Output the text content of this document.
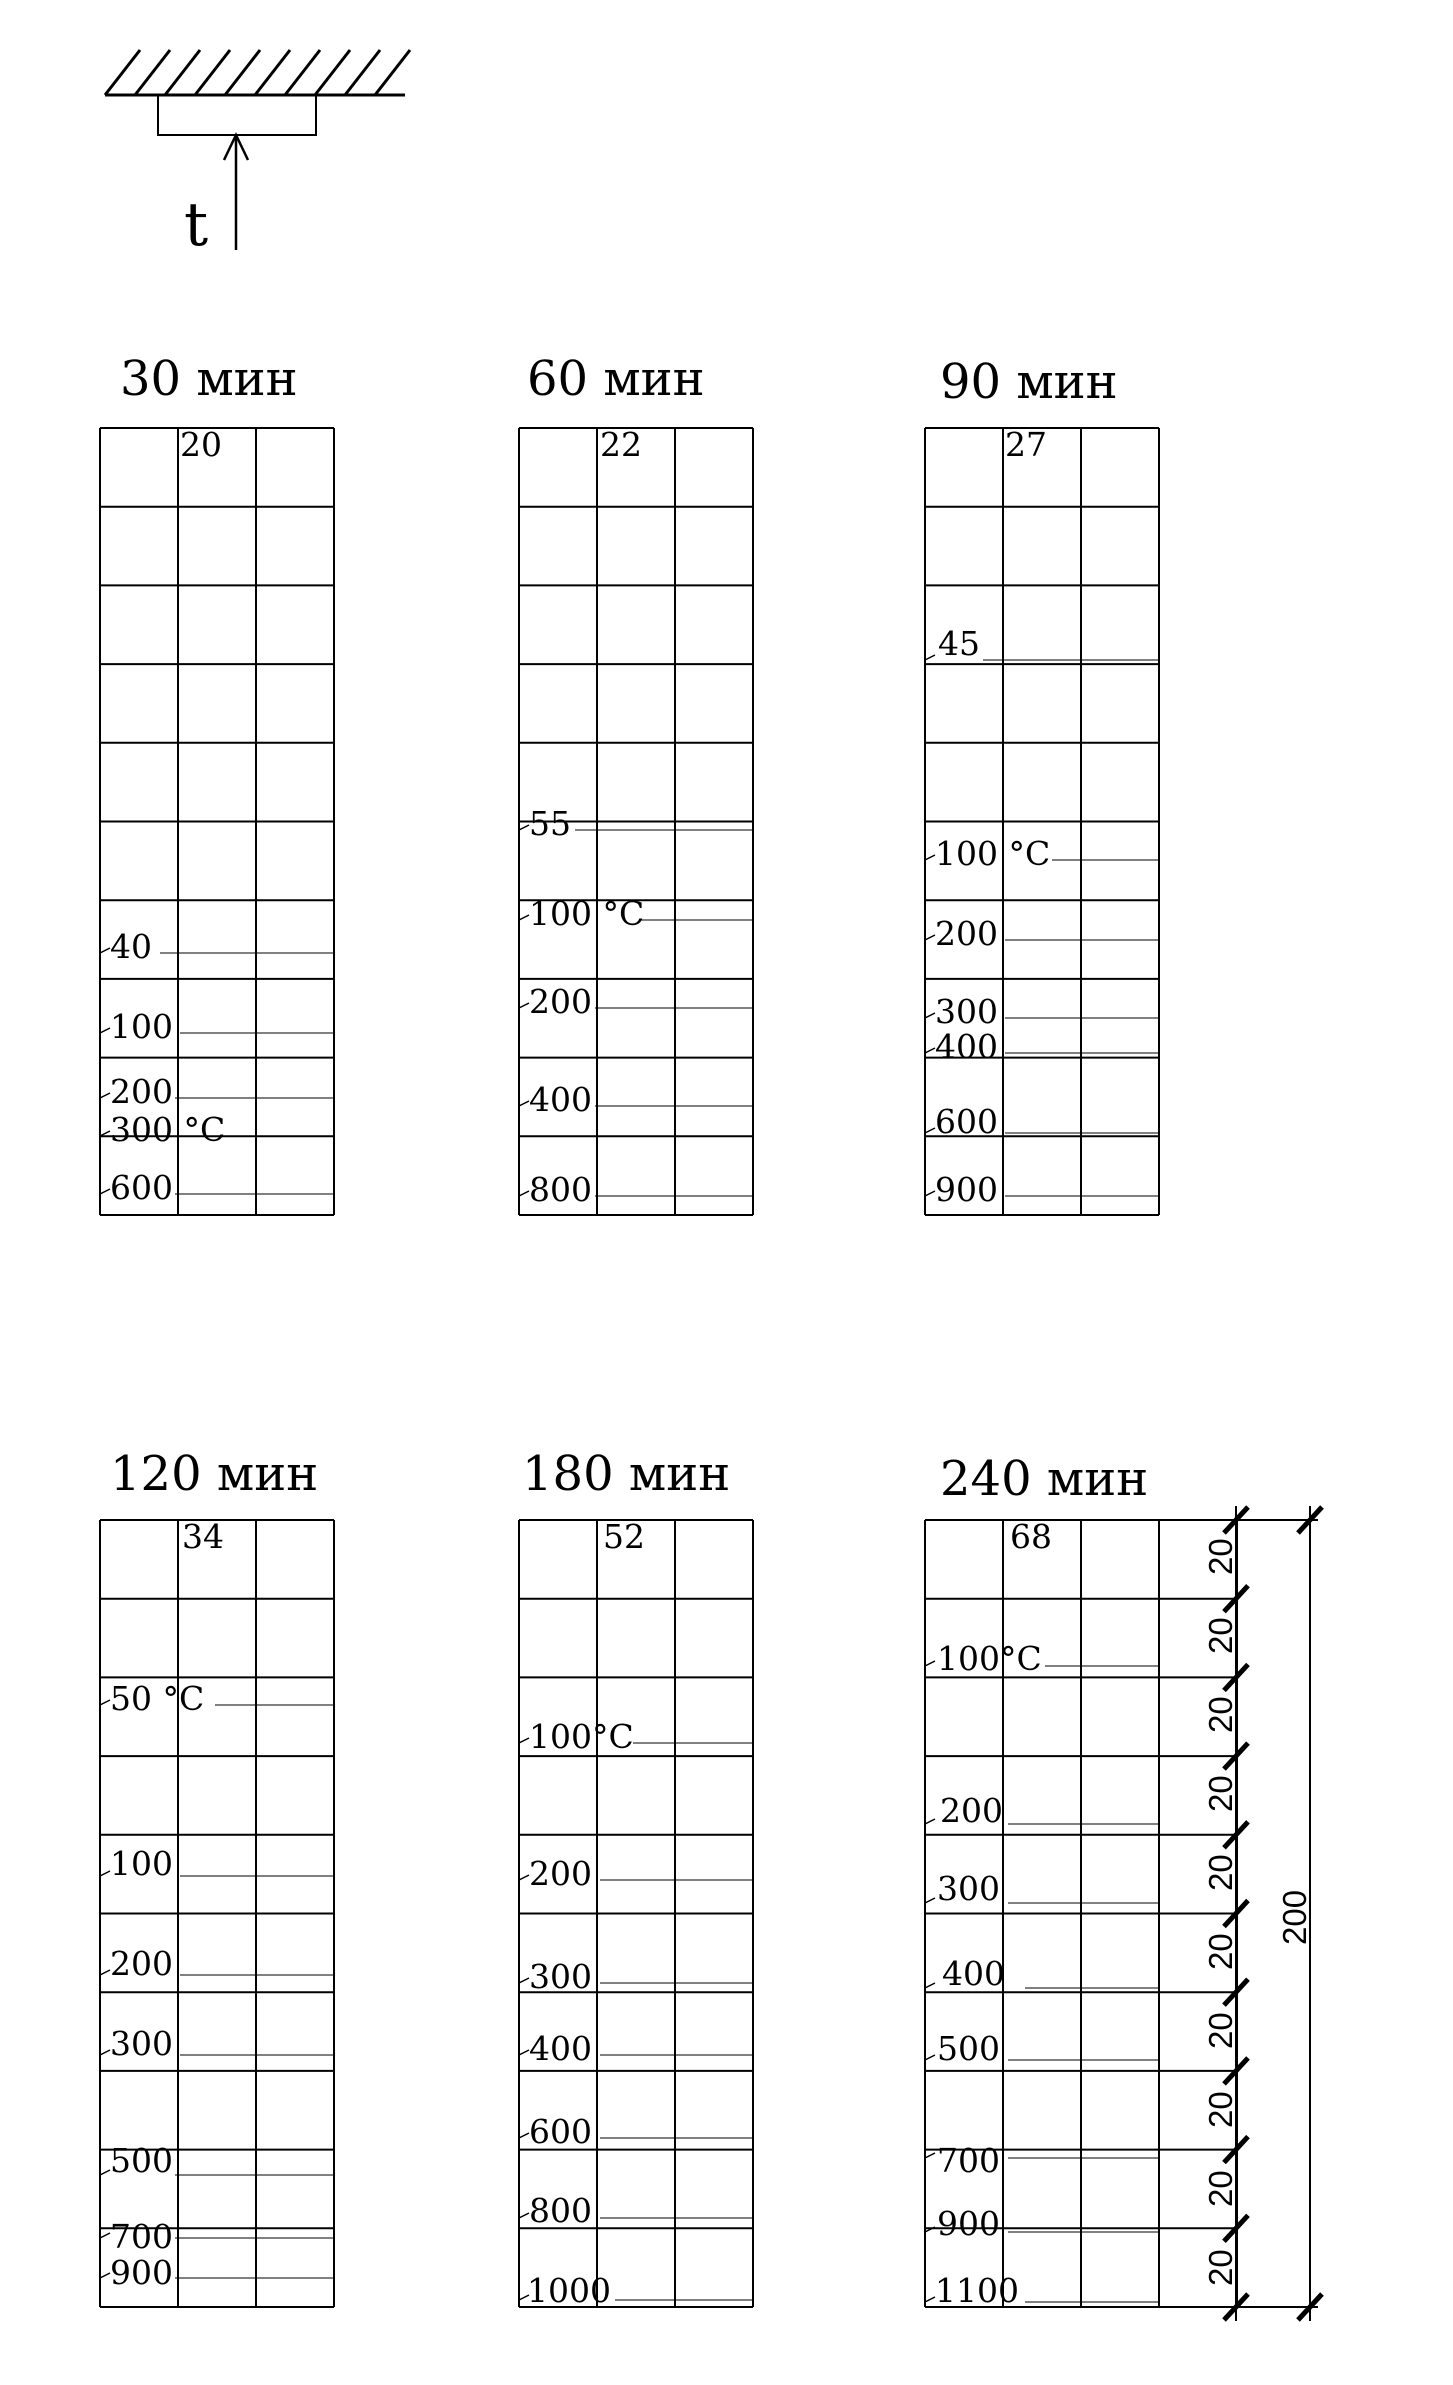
t
30 мин
20
40
100
200
300 °C
600
60 мин
22
55
100 °C
200
400
800
90 мин
27
45
100 °C
200
300
400
600
900
120 мин
34
50 °C
100
200
300
500
700
900
180 мин
52
100°C
200
300
400
600
800
1000
240 мин
68
100°C
200
300
400
500
700
900
1100
20
20
20
20
20
20
20
20
20
20
200
